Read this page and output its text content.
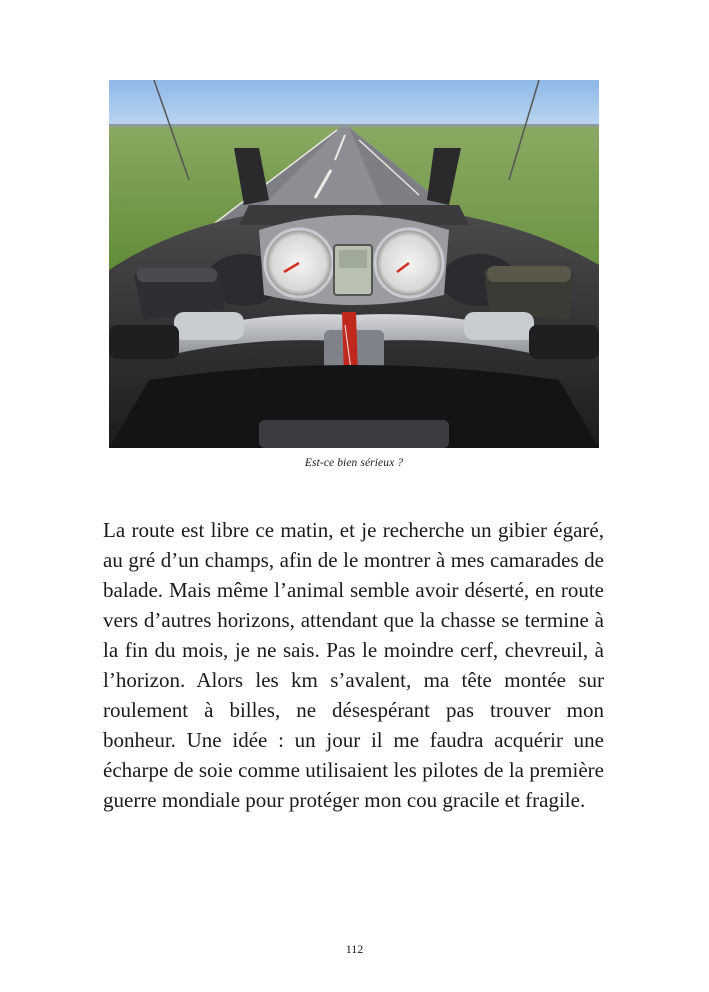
Est-ce bien sérieux ?

La route est libre ce matin, et je recherche un gibier égaré, au gré d’un champs, afin de le montrer à mes camarades de balade. Mais même l’animal semble avoir déserté, en route vers d’autres horizons, attendant que la chasse se termine à la fin du mois, je ne sais. Pas le moindre cerf, chevreuil, à l’horizon. Alors les km s’avalent, ma tête montée sur roulement à billes, ne désespérant pas trouver mon bonheur. Une idée : un jour il me faudra acquérir une écharpe de soie comme utilisaient les pilotes de la première guerre mondiale pour protéger mon cou gracile et fragile.

112
